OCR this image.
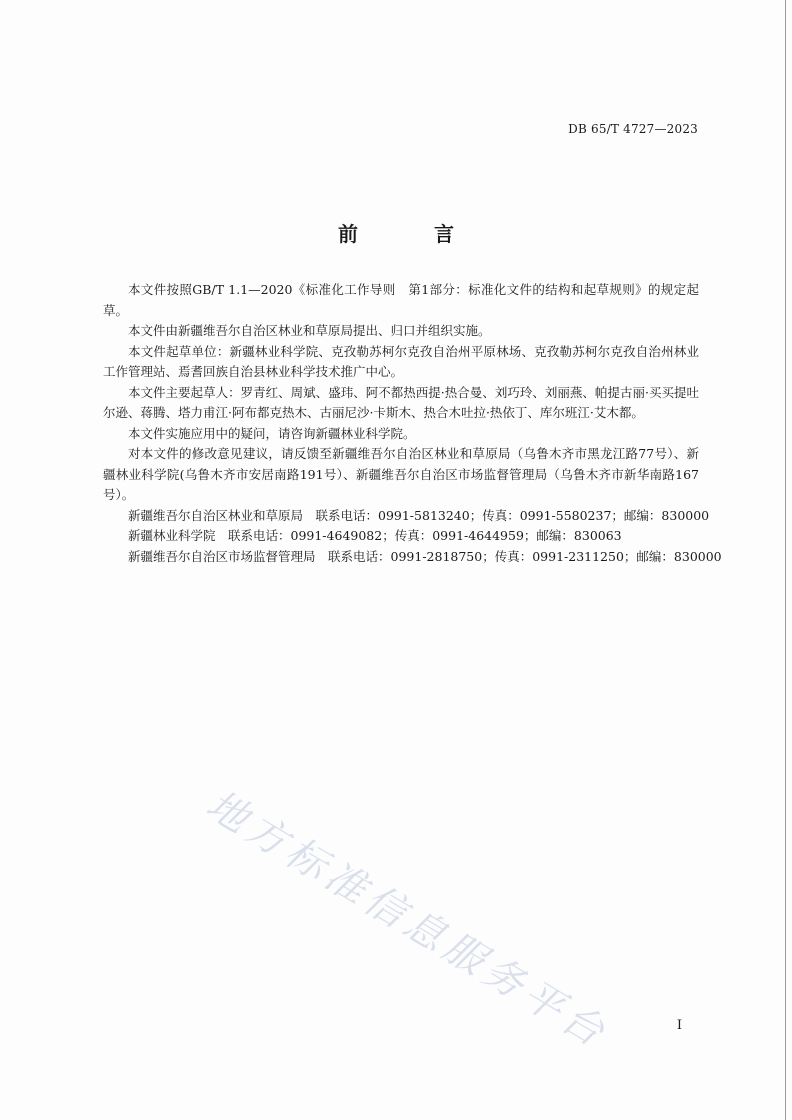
DB 65/T 4727—2023
前　言

本文件按照GB/T 1.1—2020《标准化工作导则　第1部分：标准化文件的结构和起草规则》的规定起草。

本文件由新疆维吾尔自治区林业和草原局提出、归口并组织实施。

本文件起草单位：新疆林业科学院、克孜勒苏柯尔克孜自治州平原林场、克孜勒苏柯尔克孜自治州林业工作管理站、焉耆回族自治县林业科学技术推广中心。

本文件主要起草人：罗青红、周斌、盛玮、阿不都热西提·热合曼、刘巧玲、刘丽燕、帕提古丽·买买提吐尔逊、蒋腾、塔力甫江·阿布都克热木、古丽尼沙·卡斯木、热合木吐拉·热依丁、库尔班江·艾木都。

本文件实施应用中的疑问，请咨询新疆林业科学院。

对本文件的修改意见建议，请反馈至新疆维吾尔自治区林业和草原局（乌鲁木齐市黑龙江路77号）、新疆林业科学院(乌鲁木齐市安居南路191号）、新疆维吾尔自治区市场监督管理局（乌鲁木齐市新华南路167号）。

新疆维吾尔自治区林业和草原局　联系电话：0991-5813240；传真：0991-5580237；邮编：830000
新疆林业科学院　联系电话：0991-4649082；传真：0991-4644959；邮编：830063
新疆维吾尔自治区市场监督管理局　联系电话：0991-2818750；传真：0991-2311250；邮编：830000
地方标准信息服务平台	I
